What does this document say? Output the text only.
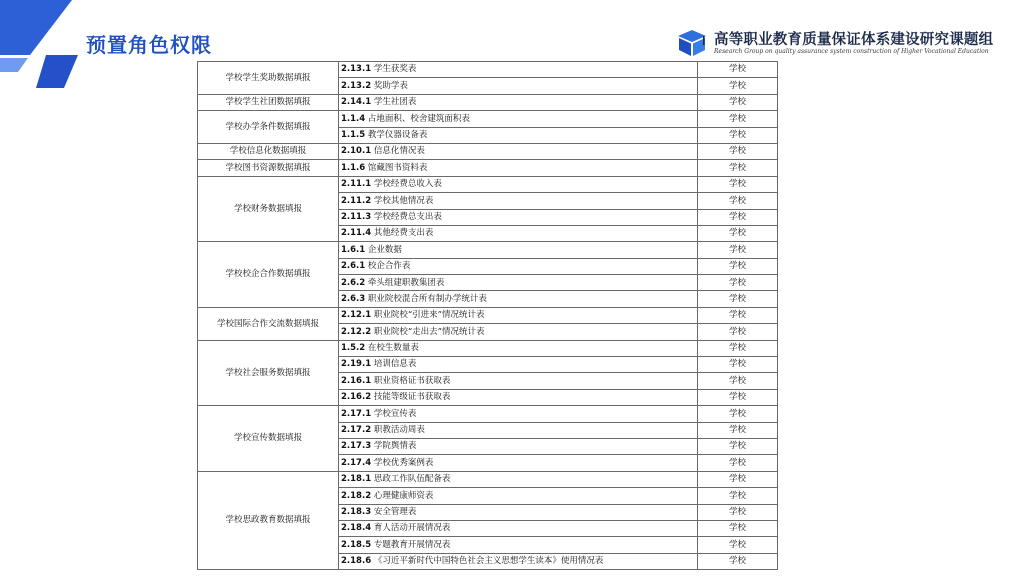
预置角色权限	高等职业教育质量保证体系建设研究课题组
Research Group on quality assurance system construction of Higher Vocational Education
学校学生奖助数据填报	2.13.1 学生获奖表	学校
	2.13.2 奖助学表	学校
学校学生社团数据填报	2.14.1 学生社团表	学校
学校办学条件数据填报	1.1.4 占地面积、校舍建筑面积表	学校
	1.1.5 教学仪器设备表	学校
学校信息化数据填报	2.10.1 信息化情况表	学校
学校图书资源数据填报	1.1.6 馆藏图书资料表	学校
学校财务数据填报	2.11.1 学校经费总收入表	学校
	2.11.2 学校其他情况表	学校
	2.11.3 学校经费总支出表	学校
	2.11.4 其他经费支出表	学校
学校校企合作数据填报	1.6.1 企业数据	学校
	2.6.1 校企合作表	学校
	2.6.2 牵头组建职教集团表	学校
	2.6.3 职业院校混合所有制办学统计表	学校
学校国际合作交流数据填报	2.12.1 职业院校“引进来”情况统计表	学校
	2.12.2 职业院校“走出去”情况统计表	学校
学校社会服务数据填报	1.5.2 在校生数量表	学校
	2.19.1 培训信息表	学校
	2.16.1 职业资格证书获取表	学校
	2.16.2 技能等级证书获取表	学校
学校宣传数据填报	2.17.1 学校宣传表	学校
	2.17.2 职教活动周表	学校
	2.17.3 学院舆情表	学校
	2.17.4 学校优秀案例表	学校
学校思政教育数据填报	2.18.1 思政工作队伍配备表	学校
	2.18.2 心理健康师资表	学校
	2.18.3 安全管理表	学校
	2.18.4 育人活动开展情况表	学校
	2.18.5 专题教育开展情况表	学校
	2.18.6 《习近平新时代中国特色社会主义思想学生读本》使用情况表	学校
